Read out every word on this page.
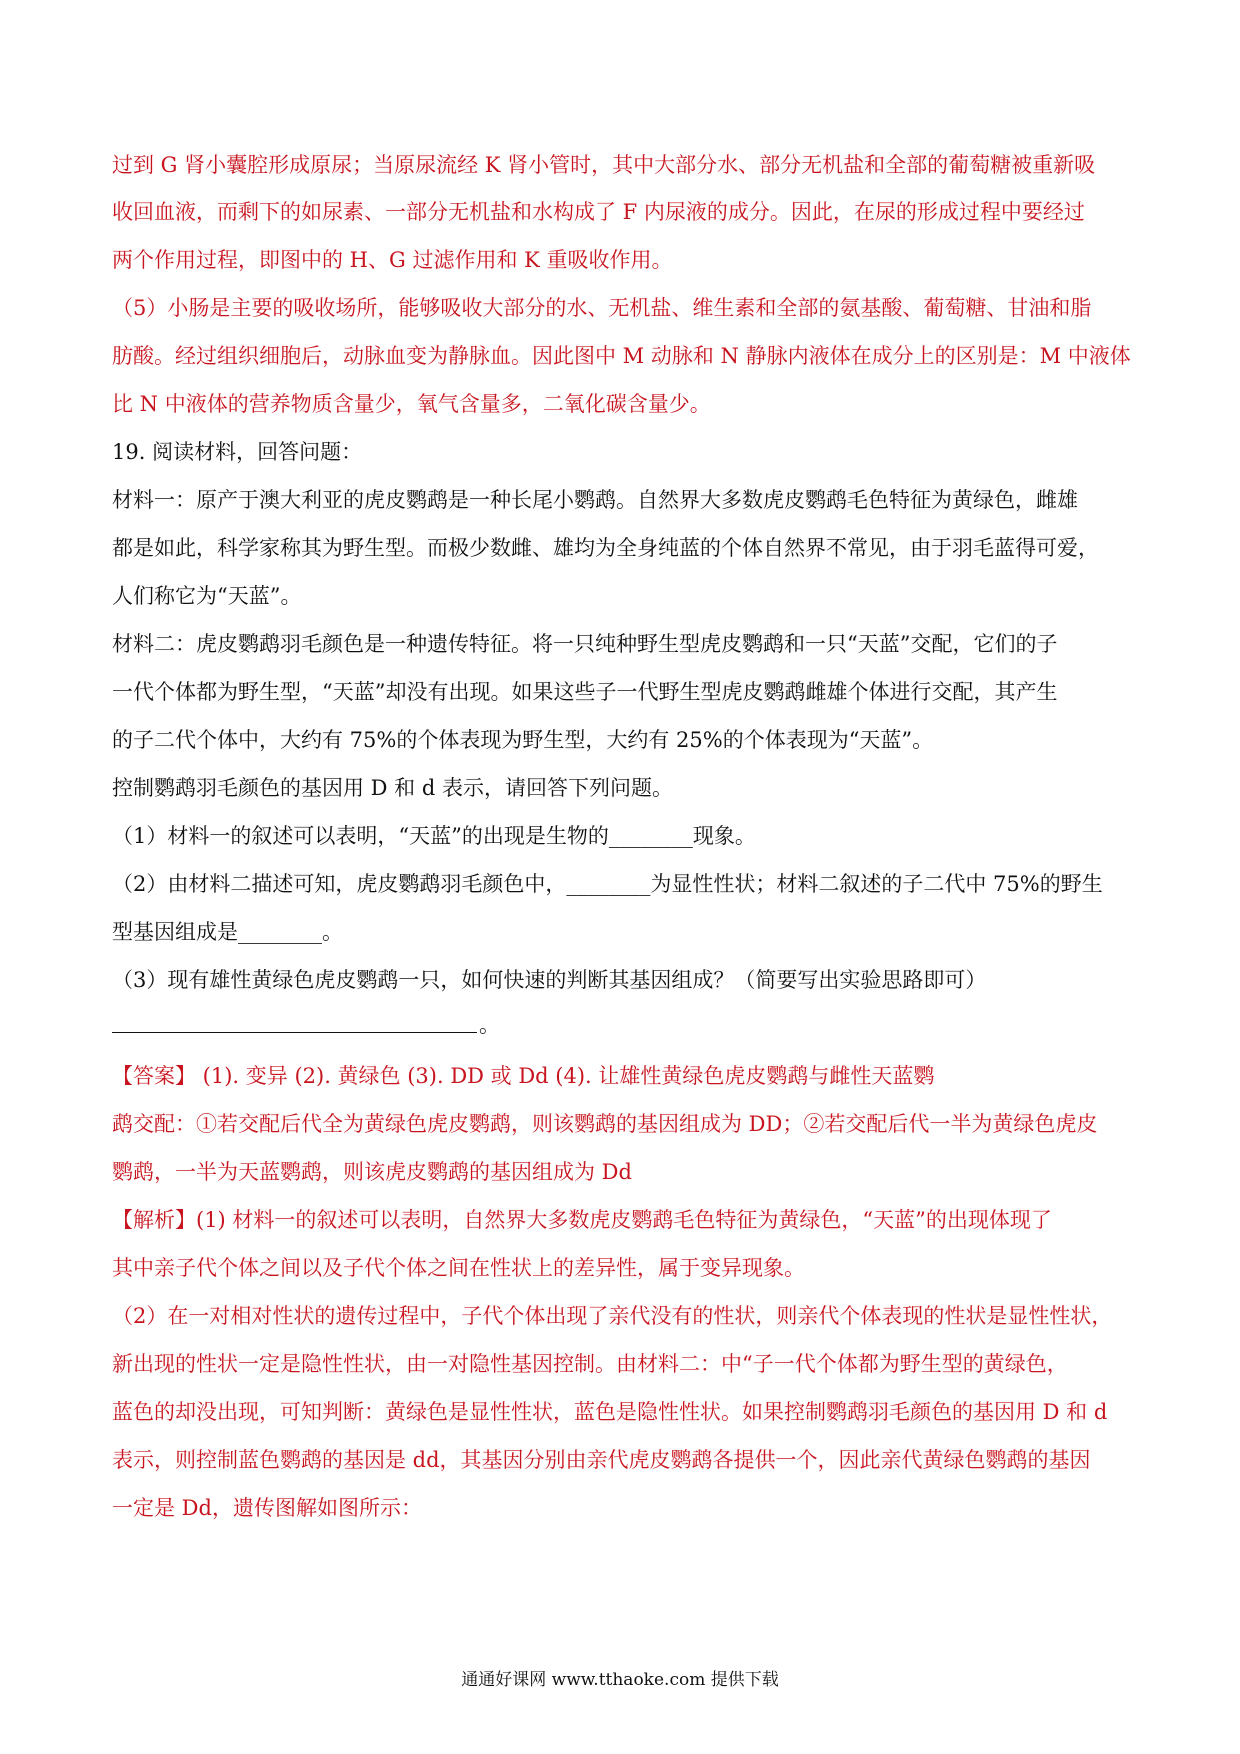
过到 G 肾小囊腔形成原尿；当原尿流经 K 肾小管时，其中大部分水、部分无机盐和全部的葡萄糖被重新吸
收回血液，而剩下的如尿素、一部分无机盐和水构成了 F 内尿液的成分。因此，在尿的形成过程中要经过
两个作用过程，即图中的 H、G 过滤作用和 K 重吸收作用。
（5）小肠是主要的吸收场所，能够吸收大部分的水、无机盐、维生素和全部的氨基酸、葡萄糖、甘油和脂
肪酸。经过组织细胞后，动脉血变为静脉血。因此图中 M 动脉和 N 静脉内液体在成分上的区别是：M 中液体
比 N 中液体的营养物质含量少，氧气含量多，二氧化碳含量少。
19. 阅读材料，回答问题：
材料一：原产于澳大利亚的虎皮鹦鹉是一种长尾小鹦鹉。自然界大多数虎皮鹦鹉毛色特征为黄绿色，雌雄
都是如此，科学家称其为野生型。而极少数雌、雄均为全身纯蓝的个体自然界不常见，由于羽毛蓝得可爱，
人们称它为“天蓝”。
材料二：虎皮鹦鹉羽毛颜色是一种遗传特征。将一只纯种野生型虎皮鹦鹉和一只“天蓝”交配，它们的子
一代个体都为野生型，“天蓝”却没有出现。如果这些子一代野生型虎皮鹦鹉雌雄个体进行交配，其产生
的子二代个体中，大约有 75%的个体表现为野生型，大约有 25%的个体表现为“天蓝”。
控制鹦鹉羽毛颜色的基因用 D 和 d 表示，请回答下列问题。
（1）材料一的叙述可以表明，“天蓝”的出现是生物的________现象。
（2）由材料二描述可知，虎皮鹦鹉羽毛颜色中，________为显性性状；材料二叙述的子二代中 75%的野生
型基因组成是________。
（3）现有雄性黄绿色虎皮鹦鹉一只，如何快速的判断其基因组成？（简要写出实验思路即可）
。
【答案】 (1). 变异 (2). 黄绿色 (3). DD 或 Dd (4). 让雄性黄绿色虎皮鹦鹉与雌性天蓝鹦
鹉交配：①若交配后代全为黄绿色虎皮鹦鹉，则该鹦鹉的基因组成为 DD；②若交配后代一半为黄绿色虎皮
鹦鹉，一半为天蓝鹦鹉，则该虎皮鹦鹉的基因组成为 Dd
【解析】(1) 材料一的叙述可以表明，自然界大多数虎皮鹦鹉毛色特征为黄绿色，“天蓝”的出现体现了
其中亲子代个体之间以及子代个体之间在性状上的差异性，属于变异现象。
（2）在一对相对性状的遗传过程中，子代个体出现了亲代没有的性状，则亲代个体表现的性状是显性性状，
新出现的性状一定是隐性性状，由一对隐性基因控制。由材料二：中“子一代个体都为野生型的黄绿色，
蓝色的却没出现，可知判断：黄绿色是显性性状，蓝色是隐性性状。如果控制鹦鹉羽毛颜色的基因用 D 和 d
表示，则控制蓝色鹦鹉的基因是 dd，其基因分别由亲代虎皮鹦鹉各提供一个，因此亲代黄绿色鹦鹉的基因
一定是 Dd，遗传图解如图所示：
通通好课网 www.tthaoke.com 提供下载
